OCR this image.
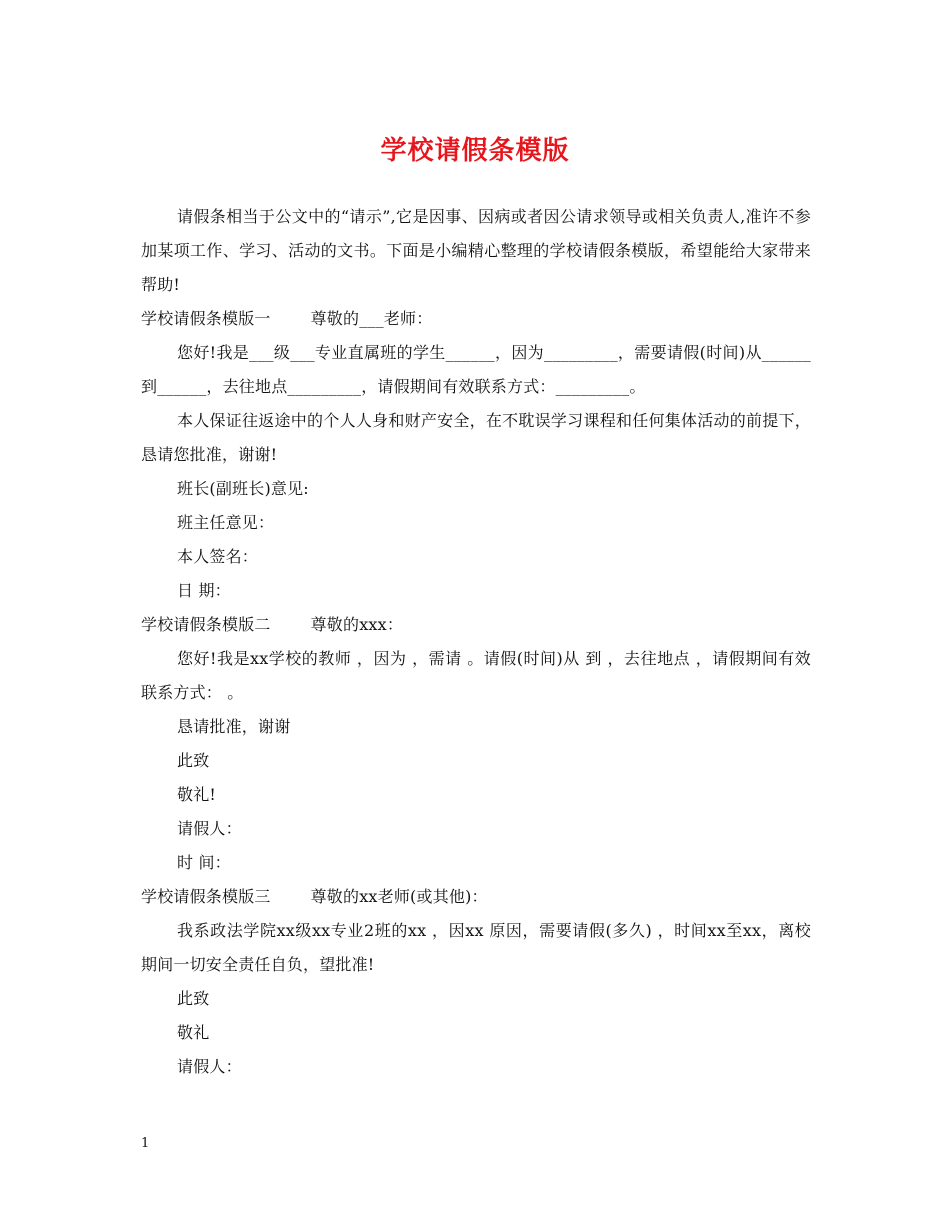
学校请假条模版

请假条相当于公文中的“请示”,它是因事、因病或者因公请求领导或相关负责人,准许不参加某项工作、学习、活动的文书。下面是小编精心整理的学校请假条模版，希望能给大家带来帮助!

学校请假条模版一	尊敬的___老师：

您好!我是___级___专业直属班的学生______，因为_________，需要请假(时间)从______到______，去往地点_________，请假期间有效联系方式：_________。

本人保证往返途中的个人人身和财产安全，在不耽误学习课程和任何集体活动的前提下，恳请您批准，谢谢!

班长(副班长)意见:

班主任意见：

本人签名：

日 期：

学校请假条模版二	尊敬的xxx：

您好!我是xx学校的教师 ，因为 ，需请 。请假(时间)从 到 ，去往地点 ，请假期间有效联系方式： 。

恳请批准，谢谢

此致

敬礼!

请假人：

时 间：

学校请假条模版三	尊敬的xx老师(或其他)：

我系政法学院xx级xx专业2班的xx ，因xx 原因，需要请假(多久) ，时间xx至xx，离校期间一切安全责任自负，望批准!

此致

敬礼

请假人：

1
